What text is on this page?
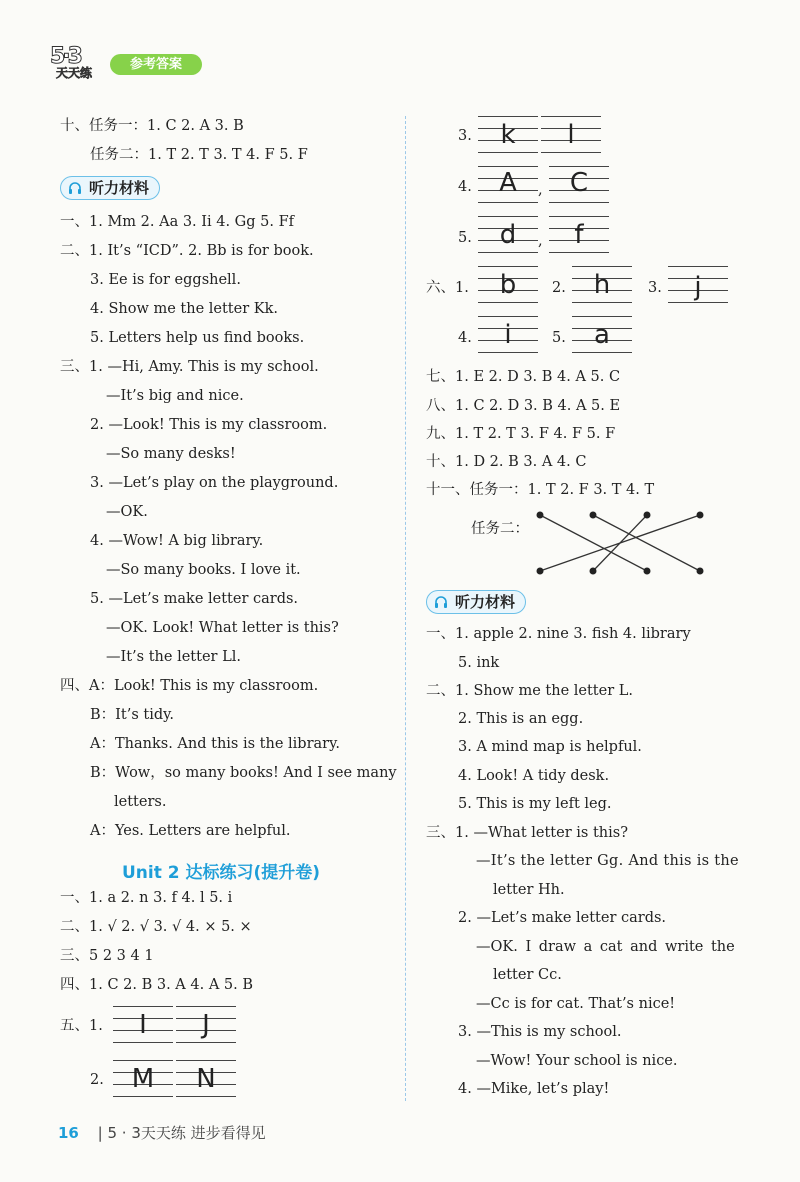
5·3
天天练
参考答案
十、任务一：1. C 2. A 3. B
任务二：1. T 2. T 3. T 4. F 5. F
听力材料
一、1. Mm 2. Aa 3. Ii 4. Gg 5. Ff
二、1. It’s “ICD”. 2. Bb is for book.
3. Ee is for eggshell.
4. Show me the letter Kk.
5. Letters help us find books.
三、1. —Hi, Amy. This is my school.
—It’s big and nice.
2. —Look! This is my classroom.
—So many desks!
3. —Let’s play on the playground.
—OK.
4. —Wow! A big library.
—So many books. I love it.
5. —Let’s make letter cards.
—OK. Look! What letter is this?
—It’s the letter Ll.
四、A：Look! This is my classroom.
B：It’s tidy.
A：Thanks. And this is the library.
B：Wow，so many books! And I see many
letters.
A：Yes. Letters are helpful.
Unit 2 达标练习(提升卷)
一、1. a 2. n 3. f 4. l 5. i
二、1. √ 2. √ 3. √ 4. × 5. ×
三、5 2 3 4 1
四、1. C 2. B 3. A 4. A 5. B
五、1.	I	J
2.	M	N
3.	k	l
4.	A	,	C
5.	d	,	f
六、1.	b	2.	h	3.	j
4.	i	5.	a
七、1. E 2. D 3. B 4. A 5. C
八、1. C 2. D 3. B 4. A 5. E
九、1. T 2. T 3. F 4. F 5. F
十、1. D 2. B 3. A 4. C
十一、任务一：1. T 2. F 3. T 4. T
任务二：
听力材料
一、1. apple 2. nine 3. fish 4. library
5. ink
二、1. Show me the letter L.
2. This is an egg.
3. A mind map is helpful.
4. Look! A tidy desk.
5. This is my left leg.
三、1. —What letter is this?
—It’s the letter Gg. And this is the
letter Hh.
2. —Let’s make letter cards.
—OK. I draw a cat and write the
letter Cc.
—Cc is for cat. That’s nice!
3. —This is my school.
—Wow! Your school is nice.
4. —Mike, let’s play!
16 | 5 · 3天天练 进步看得见
